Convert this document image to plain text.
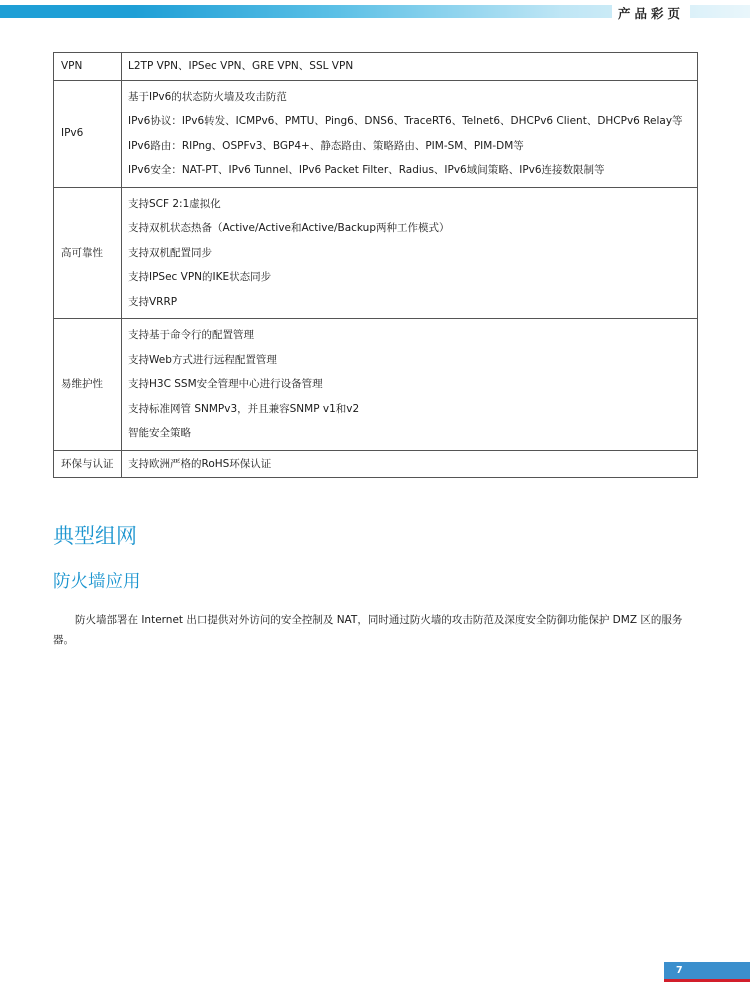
产品彩页
VPN	L2TP VPN、IPSec VPN、GRE VPN、SSL VPN

IPv6	基于IPv6的状态防火墙及攻击防范
IPv6协议：IPv6转发、ICMPv6、PMTU、Ping6、DNS6、TraceRT6、Telnet6、DHCPv6 Client、DHCPv6 Relay等
IPv6路由：RIPng、OSPFv3、BGP4+、静态路由、策略路由、PIM-SM、PIM-DM等
IPv6安全：NAT-PT、IPv6 Tunnel、IPv6 Packet Filter、Radius、IPv6域间策略、IPv6连接数限制等

高可靠性	支持SCF 2:1虚拟化
支持双机状态热备（Active/Active和Active/Backup两种工作模式）
支持双机配置同步
支持IPSec VPN的IKE状态同步
支持VRRP

易维护性	支持基于命令行的配置管理
支持Web方式进行远程配置管理
支持H3C SSM安全管理中心进行设备管理
支持标准网管 SNMPv3，并且兼容SNMP v1和v2
智能安全策略

环保与认证	支持欧洲严格的RoHS环保认证
典型组网
防火墙应用

防火墙部署在 Internet 出口提供对外访问的安全控制及 NAT，同时通过防火墙的攻击防范及深度安全防御功能保护 DMZ 区的服务器。

7
